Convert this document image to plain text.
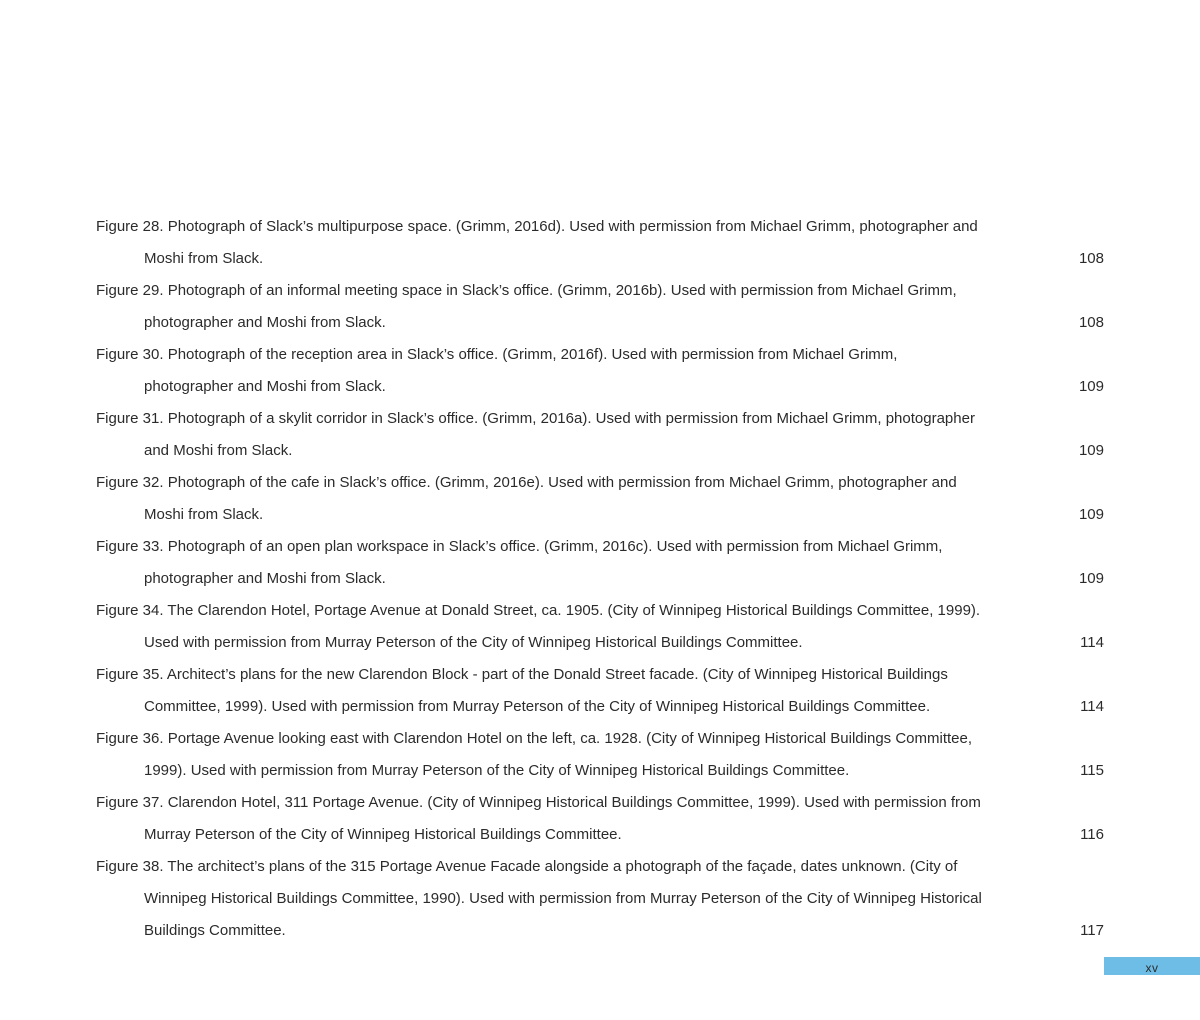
Figure 28. Photograph of Slack’s multipurpose space. (Grimm, 2016d). Used with permission from Michael Grimm, photographer and
Moshi from Slack.	108
Figure 29. Photograph of an informal meeting space in Slack’s office. (Grimm, 2016b). Used with permission from Michael Grimm,
photographer and Moshi from Slack.	108
Figure 30. Photograph of the reception area in Slack’s office. (Grimm, 2016f). Used with permission from Michael Grimm,
photographer and Moshi from Slack.	109
Figure 31. Photograph of a skylit corridor in Slack’s office. (Grimm, 2016a). Used with permission from Michael Grimm, photographer
and Moshi from Slack.	109
Figure 32. Photograph of the cafe in Slack’s office. (Grimm, 2016e). Used with permission from Michael Grimm, photographer and
Moshi from Slack.	109
Figure 33. Photograph of an open plan workspace in Slack’s office. (Grimm, 2016c). Used with permission from Michael Grimm,
photographer and Moshi from Slack.	109
Figure 34. The Clarendon Hotel, Portage Avenue at Donald Street, ca. 1905. (City of Winnipeg Historical Buildings Committee, 1999).
Used with permission from Murray Peterson of the City of Winnipeg Historical Buildings Committee.	114
Figure 35. Architect’s plans for the new Clarendon Block - part of the Donald Street facade. (City of Winnipeg Historical Buildings
Committee, 1999). Used with permission from Murray Peterson of the City of Winnipeg Historical Buildings Committee.	114
Figure 36. Portage Avenue looking east with Clarendon Hotel on the left, ca. 1928. (City of Winnipeg Historical Buildings Committee,
1999). Used with permission from Murray Peterson of the City of Winnipeg Historical Buildings Committee.	115
Figure 37. Clarendon Hotel, 311 Portage Avenue. (City of Winnipeg Historical Buildings Committee, 1999). Used with permission from
Murray Peterson of the City of Winnipeg Historical Buildings Committee.	116
Figure 38. The architect’s plans of the 315 Portage Avenue Facade alongside a photograph of the façade, dates unknown. (City of
Winnipeg Historical Buildings Committee, 1990). Used with permission from Murray Peterson of the City of Winnipeg Historical
Buildings Committee.	117
xv
